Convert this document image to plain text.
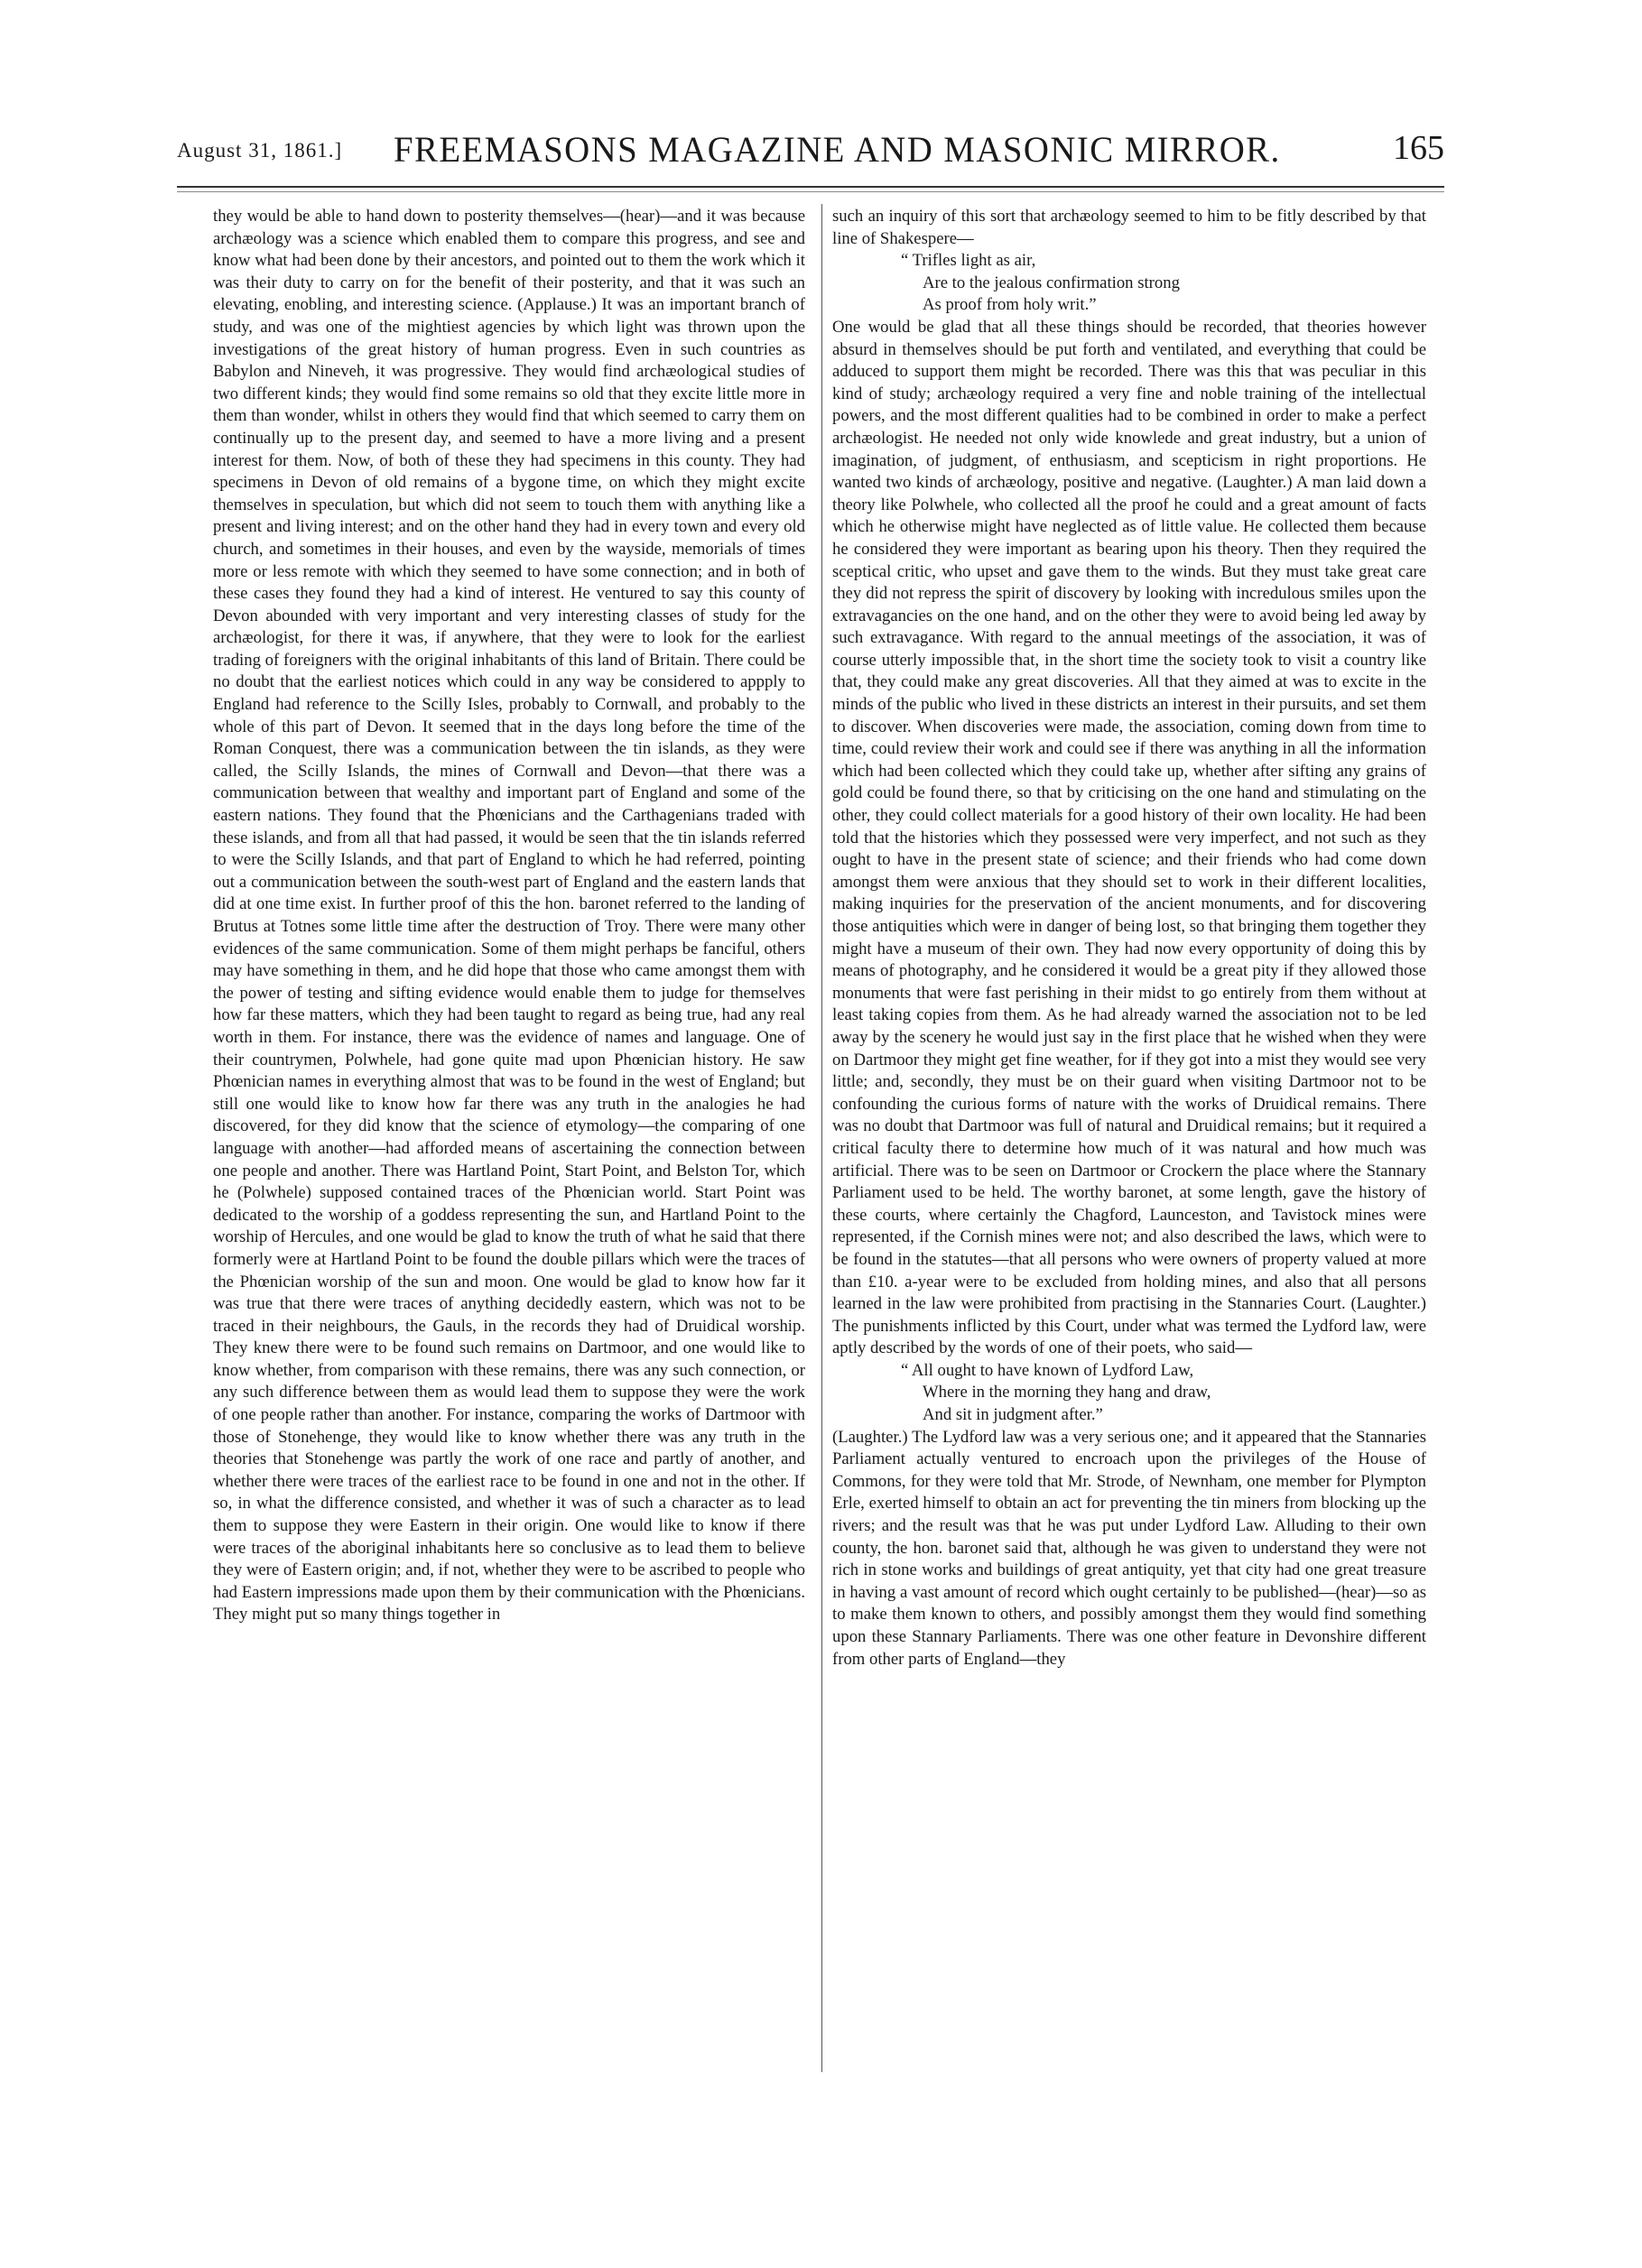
August 31, 1861.] FREEMASONS MAGAZINE AND MASONIC MIRROR.	165

they would be able to hand down to posterity themselves—(hear)—and it was because archæology was a science which enabled them to compare this progress, and see and know what had been done by their ancestors, and pointed out to them the work which it was their duty to carry on for the benefit of their posterity, and that it was such an elevating, enobling, and interesting science. (Applause.) It was an important branch of study, and was one of the mightiest agencies by which light was thrown upon the investigations of the great history of human progress. Even in such countries as Babylon and Nineveh, it was progressive. They would find archæological studies of two different kinds; they would find some remains so old that they excite little more in them than wonder, whilst in others they would find that which seemed to carry them on continually up to the present day, and seemed to have a more living and a present interest for them. Now, of both of these they had specimens in this county. They had specimens in Devon of old remains of a bygone time, on which they might excite themselves in speculation, but which did not seem to touch them with anything like a present and living interest; and on the other hand they had in every town and every old church, and sometimes in their houses, and even by the wayside, memorials of times more or less remote with which they seemed to have some connection; and in both of these cases they found they had a kind of interest. He ventured to say this county of Devon abounded with very important and very interesting classes of study for the archæologist, for there it was, if anywhere, that they were to look for the earliest trading of foreigners with the original inhabitants of this land of Britain. There could be no doubt that the earliest notices which could in any way be considered to appply to England had reference to the Scilly Isles, probably to Cornwall, and probably to the whole of this part of Devon. It seemed that in the days long before the time of the Roman Conquest, there was a communication between the tin islands, as they were called, the Scilly Islands, the mines of Cornwall and Devon—that there was a communication between that wealthy and important part of England and some of the eastern nations. They found that the Phœnicians and the Carthagenians traded with these islands, and from all that had passed, it would be seen that the tin islands referred to were the Scilly Islands, and that part of England to which he had referred, pointing out a communication between the south-west part of England and the eastern lands that did at one time exist. In further proof of this the hon. baronet referred to the landing of Brutus at Totnes some little time after the destruction of Troy. There were many other evidences of the same communication. Some of them might perhaps be fanciful, others may have something in them, and he did hope that those who came amongst them with the power of testing and sifting evidence would enable them to judge for themselves how far these matters, which they had been taught to regard as being true, had any real worth in them. For instance, there was the evidence of names and language. One of their countrymen, Polwhele, had gone quite mad upon Phœnician history. He saw Phœnician names in everything almost that was to be found in the west of England; but still one would like to know how far there was any truth in the analogies he had discovered, for they did know that the science of etymology—the comparing of one language with another—had afforded means of ascertaining the connection between one people and another. There was Hartland Point, Start Point, and Belston Tor, which he (Polwhele) supposed contained traces of the Phœnician world. Start Point was dedicated to the worship of a goddess representing the sun, and Hartland Point to the worship of Hercules, and one would be glad to know the truth of what he said that there formerly were at Hartland Point to be found the double pillars which were the traces of the Phœnician worship of the sun and moon. One would be glad to know how far it was true that there were traces of anything decidedly eastern, which was not to be traced in their neighbours, the Gauls, in the records they had of Druidical worship. They knew there were to be found such remains on Dartmoor, and one would like to know whether, from comparison with these remains, there was any such connection, or any such difference between them as would lead them to suppose they were the work of one people rather than another. For instance, comparing the works of Dartmoor with those of Stonehenge, they would like to know whether there was any truth in the theories that Stonehenge was partly the work of one race and partly of another, and whether there were traces of the earliest race to be found in one and not in the other. If so, in what the difference consisted, and whether it was of such a character as to lead them to suppose they were Eastern in their origin. One would like to know if there were traces of the aboriginal inhabitants here so conclusive as to lead them to believe they were of Eastern origin; and, if not, whether they were to be ascribed to people who had Eastern impressions made upon them by their communication with the Phœnicians. They might put so many things together in

such an inquiry of this sort that archæology seemed to him to be fitly described by that line of Shakespere—

“ Trifles light as air,
Are to the jealous confirmation strong
As proof from holy writ.”

One would be glad that all these things should be recorded, that theories however absurd in themselves should be put forth and ventilated, and everything that could be adduced to support them might be recorded. There was this that was peculiar in this kind of study; archæology required a very fine and noble training of the intellectual powers, and the most different qualities had to be combined in order to make a perfect archæologist. He needed not only wide knowlede and great industry, but a union of imagination, of judgment, of enthusiasm, and scepticism in right proportions. He wanted two kinds of archæology, positive and negative. (Laughter.) A man laid down a theory like Polwhele, who collected all the proof he could and a great amount of facts which he otherwise might have neglected as of little value. He collected them because he considered they were important as bearing upon his theory. Then they required the sceptical critic, who upset and gave them to the winds. But they must take great care they did not repress the spirit of discovery by looking with incredulous smiles upon the extravagancies on the one hand, and on the other they were to avoid being led away by such extravagance. With regard to the annual meetings of the association, it was of course utterly impossible that, in the short time the society took to visit a country like that, they could make any great discoveries. All that they aimed at was to excite in the minds of the public who lived in these districts an interest in their pursuits, and set them to discover. When discoveries were made, the association, coming down from time to time, could review their work and could see if there was anything in all the information which had been collected which they could take up, whether after sifting any grains of gold could be found there, so that by criticising on the one hand and stimulating on the other, they could collect materials for a good history of their own locality. He had been told that the histories which they possessed were very imperfect, and not such as they ought to have in the present state of science; and their friends who had come down amongst them were anxious that they should set to work in their different localities, making inquiries for the preservation of the ancient monuments, and for discovering those antiquities which were in danger of being lost, so that bringing them together they might have a museum of their own. They had now every opportunity of doing this by means of photography, and he considered it would be a great pity if they allowed those monuments that were fast perishing in their midst to go entirely from them without at least taking copies from them. As he had already warned the association not to be led away by the scenery he would just say in the first place that he wished when they were on Dartmoor they might get fine weather, for if they got into a mist they would see very little; and, secondly, they must be on their guard when visiting Dartmoor not to be confounding the curious forms of nature with the works of Druidical remains. There was no doubt that Dartmoor was full of natural and Druidical remains; but it required a critical faculty there to determine how much of it was natural and how much was artificial. There was to be seen on Dartmoor or Crockern the place where the Stannary Parliament used to be held. The worthy baronet, at some length, gave the history of these courts, where certainly the Chagford, Launceston, and Tavistock mines were represented, if the Cornish mines were not; and also described the laws, which were to be found in the statutes—that all persons who were owners of property valued at more than £10. a-year were to be excluded from holding mines, and also that all persons learned in the law were prohibited from practising in the Stannaries Court. (Laughter.) The punishments inflicted by this Court, under what was termed the Lydford law, were aptly described by the words of one of their poets, who said—

“ All ought to have known of Lydford Law,
Where in the morning they hang and draw,
And sit in judgment after.”

(Laughter.) The Lydford law was a very serious one; and it appeared that the Stannaries Parliament actually ventured to encroach upon the privileges of the House of Commons, for they were told that Mr. Strode, of Newnham, one member for Plympton Erle, exerted himself to obtain an act for preventing the tin miners from blocking up the rivers; and the result was that he was put under Lydford Law. Alluding to their own county, the hon. baronet said that, although he was given to understand they were not rich in stone works and buildings of great antiquity, yet that city had one great treasure in having a vast amount of record which ought certainly to be published—(hear)—so as to make them known to others, and possibly amongst them they would find something upon these Stannary Parliaments. There was one other feature in Devonshire different from other parts of England—they
